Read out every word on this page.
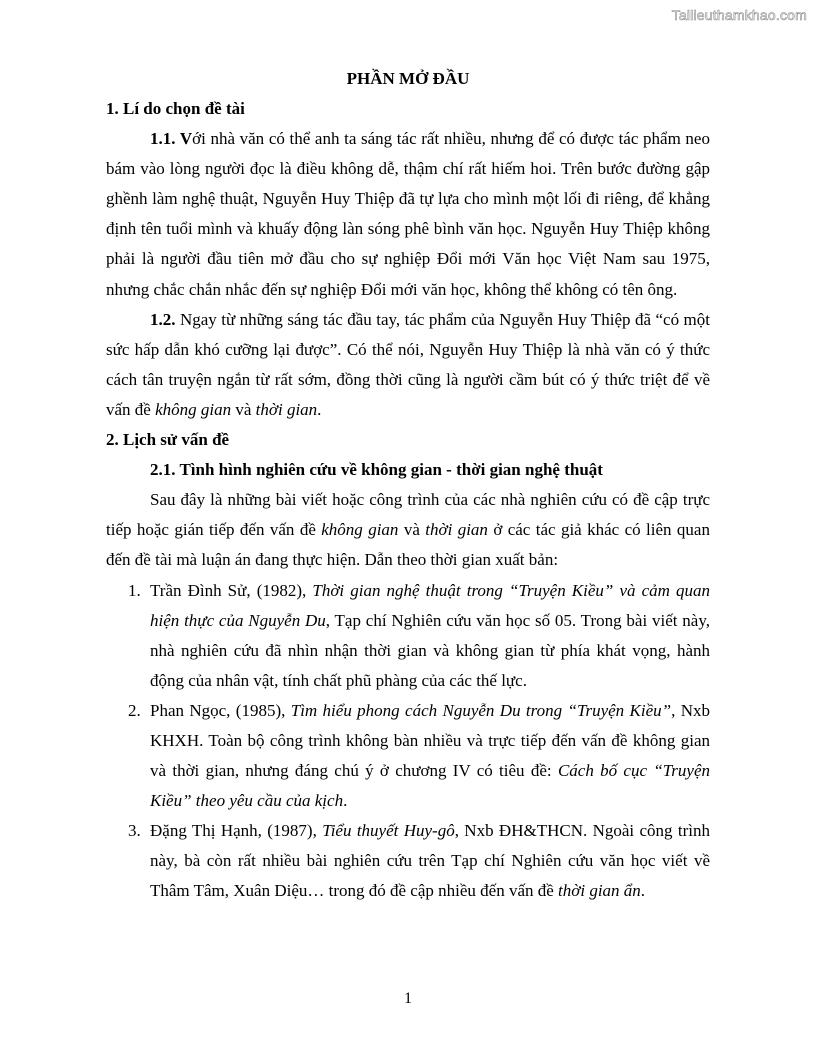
Tailieuthamkhao.com

PHẦN MỞ ĐẦU

1. Lí do chọn đề tài

1.1. Với nhà văn có thể anh ta sáng tác rất nhiều, nhưng để có được tác phẩm neo bám vào lòng người đọc là điều không dễ, thậm chí rất hiếm hoi. Trên bước đường gập ghềnh làm nghệ thuật, Nguyễn Huy Thiệp đã tự lựa cho mình một lối đi riêng, để khẳng định tên tuổi mình và khuấy động làn sóng phê bình văn học. Nguyễn Huy Thiệp không phải là người đầu tiên mở đầu cho sự nghiệp Đổi mới Văn học Việt Nam sau 1975, nhưng chắc chắn nhắc đến sự nghiệp Đổi mới văn học, không thể không có tên ông.

1.2. Ngay từ những sáng tác đầu tay, tác phẩm của Nguyễn Huy Thiệp đã “có một sức hấp dẫn khó cưỡng lại được”. Có thể nói, Nguyễn Huy Thiệp là nhà văn có ý thức cách tân truyện ngắn từ rất sớm, đồng thời cũng là người cầm bút có ý thức triệt để về vấn đề không gian và thời gian.

2. Lịch sử vấn đề

2.1. Tình hình nghiên cứu về không gian - thời gian nghệ thuật

Sau đây là những bài viết hoặc công trình của các nhà nghiên cứu có đề cập trực tiếp hoặc gián tiếp đến vấn đề không gian và thời gian ở các tác giả khác có liên quan đến đề tài mà luận án đang thực hiện. Dẫn theo thời gian xuất bản:

1. Trần Đình Sử, (1982), Thời gian nghệ thuật trong “Truyện Kiều” và cảm quan hiện thực của Nguyễn Du, Tạp chí Nghiên cứu văn học số 05. Trong bài viết này, nhà nghiên cứu đã nhìn nhận thời gian và không gian từ phía khát vọng, hành động của nhân vật, tính chất phũ phàng của các thế lực.
2. Phan Ngọc, (1985), Tìm hiểu phong cách Nguyễn Du trong “Truyện Kiều”, Nxb KHXH. Toàn bộ công trình không bàn nhiều và trực tiếp đến vấn đề không gian và thời gian, nhưng đáng chú ý ở chương IV có tiêu đề: Cách bố cục “Truyện Kiều” theo yêu cầu của kịch.
3. Đặng Thị Hạnh, (1987), Tiểu thuyết Huy-gô, Nxb ĐH&THCN. Ngoài công trình này, bà còn rất nhiều bài nghiên cứu trên Tạp chí Nghiên cứu văn học viết về Thâm Tâm, Xuân Diệu… trong đó đề cập nhiều đến vấn đề thời gian ẩn.
1
